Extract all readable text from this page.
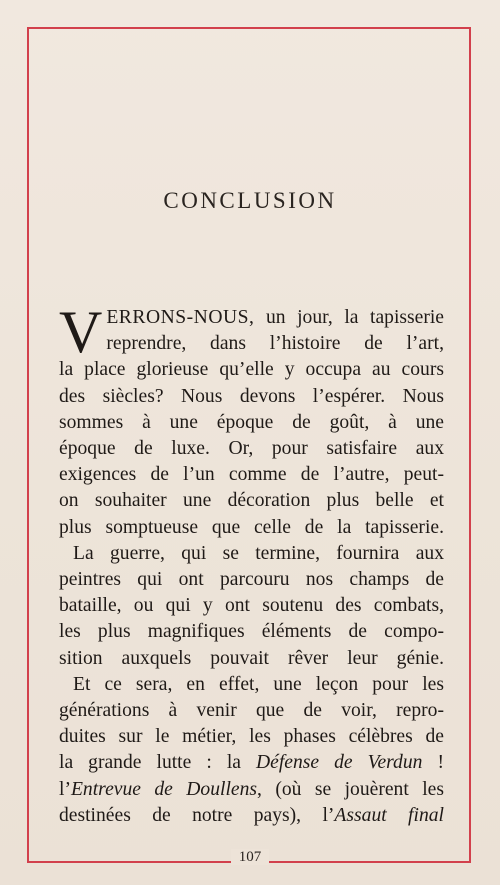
CONCLUSION
V ERRONS-NOUS, un jour, la tapisserie
reprendre, dans l’histoire de l’art,
la place glorieuse qu’elle y occupa au cours
des siècles? Nous devons l’espérer. Nous
sommes à une époque de goût, à une
époque de luxe. Or, pour satisfaire aux
exigences de l’un comme de l’autre, peut-
on souhaiter une décoration plus belle et
plus somptueuse que celle de la tapisserie.
La guerre, qui se termine, fournira aux
peintres qui ont parcouru nos champs de
bataille, ou qui y ont soutenu des combats,
les plus magnifiques éléments de compo-
sition auxquels pouvait rêver leur génie.
Et ce sera, en effet, une leçon pour les
générations à venir que de voir, repro-
duites sur le métier, les phases célèbres de
la grande lutte : la Défense de Verdun !
l’Entrevue de Doullens, (où se jouèrent les
destinées de notre pays), l’Assaut final
107
